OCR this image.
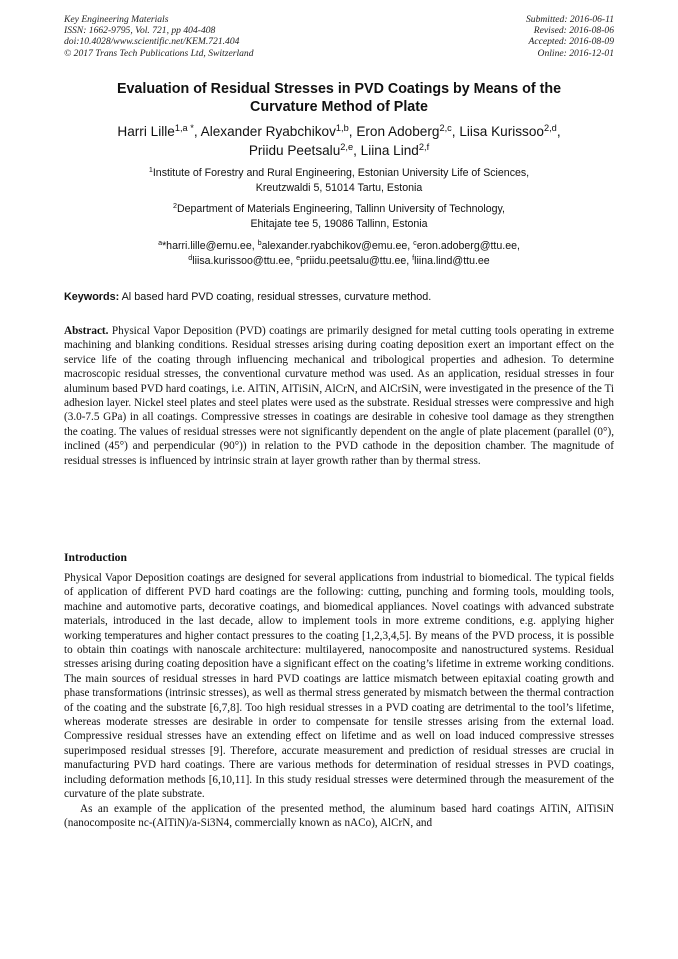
Key Engineering Materials
ISSN: 1662-9795, Vol. 721, pp 404-408
doi:10.4028/www.scientific.net/KEM.721.404
© 2017 Trans Tech Publications Ltd, Switzerland
Submitted: 2016-06-11
Revised: 2016-08-06
Accepted: 2016-08-09
Online: 2016-12-01
Evaluation of Residual Stresses in PVD Coatings by Means of the
Curvature Method of Plate
Harri Lille$^{1,a *}$, Alexander Ryabchikov$^{1,b}$, Eron Adoberg$^{2,c}$, Liisa Kurissoo$^{2,d}$,
Priidu Peetsalu$^{2,e}$, Liina Lind$^{2,f}$
$^1$Institute of Forestry and Rural Engineering, Estonian University Life of Sciences,
Kreutzwaldi 5, 51014 Tartu, Estonia
$^2$Department of Materials Engineering, Tallinn University of Technology,
Ehitajate tee 5, 19086 Tallinn, Estonia
$^a$*harri.lille@emu.ee, $^b$alexander.ryabchikov@emu.ee, $^c$eron.adoberg@ttu.ee,
$^d$liisa.kurissoo@ttu.ee, $^e$priidu.peetsalu@ttu.ee, $^f$liina.lind@ttu.ee
Keywords: Al based hard PVD coating, residual stresses, curvature method.
Abstract. Physical Vapor Deposition (PVD) coatings are primarily designed for metal cutting tools operating in extreme machining and blanking conditions. Residual stresses arising during coating deposition exert an important effect on the service life of the coating through influencing mechanical and tribological properties and adhesion. To determine macroscopic residual stresses, the conventional curvature method was used. As an application, residual stresses in four aluminum based PVD hard coatings, i.e. AlTiN, AlTiSiN, AlCrN, and AlCrSiN, were investigated in the presence of the Ti adhesion layer. Nickel steel plates and steel plates were used as the substrate. Residual stresses were compressive and high (3.0-7.5 GPa) in all coatings. Compressive stresses in coatings are desirable in cohesive tool damage as they strengthen the coating. The values of residual stresses were not significantly dependent on the angle of plate placement (parallel (0°), inclined (45°) and perpendicular (90°)) in relation to the PVD cathode in the deposition chamber. The magnitude of residual stresses is influenced by intrinsic strain at layer growth rather than by thermal stress.
Introduction

Physical Vapor Deposition coatings are designed for several applications from industrial to biomedical. The typical fields of application of different PVD hard coatings are the following: cutting, punching and forming tools, moulding tools, machine and automotive parts, decorative coatings, and biomedical appliances. Novel coatings with advanced substrate materials, introduced in the last decade, allow to implement tools in more extreme conditions, e.g. applying higher working temperatures and higher contact pressures to the coating [1,2,3,4,5]. By means of the PVD process, it is possible to obtain thin coatings with nanoscale architecture: multilayered, nanocomposite and nanostructured systems. Residual stresses arising during coating deposition have a significant effect on the coating’s lifetime in extreme working conditions. The main sources of residual stresses in hard PVD coatings are lattice mismatch between epitaxial coating growth and phase transformations (intrinsic stresses), as well as thermal stress generated by mismatch between the thermal contraction of the coating and the substrate [6,7,8]. Too high residual stresses in a PVD coating are detrimental to the tool’s lifetime, whereas moderate stresses are desirable in order to compensate for tensile stresses arising from the external load. Compressive residual stresses have an extending effect on lifetime and as well on load induced compressive stresses superimposed residual stresses [9]. Therefore, accurate measurement and prediction of residual stresses are crucial in manufacturing PVD hard coatings. There are various methods for determination of residual stresses in PVD coatings, including deformation methods [6,10,11]. In this study residual stresses were determined through the measurement of the curvature of the plate substrate.

As an example of the application of the presented method, the aluminum based hard coatings AlTiN, AlTiSiN (nanocomposite nc-(AlTiN)/a-Si3N4, commercially known as nACo), AlCrN, and
